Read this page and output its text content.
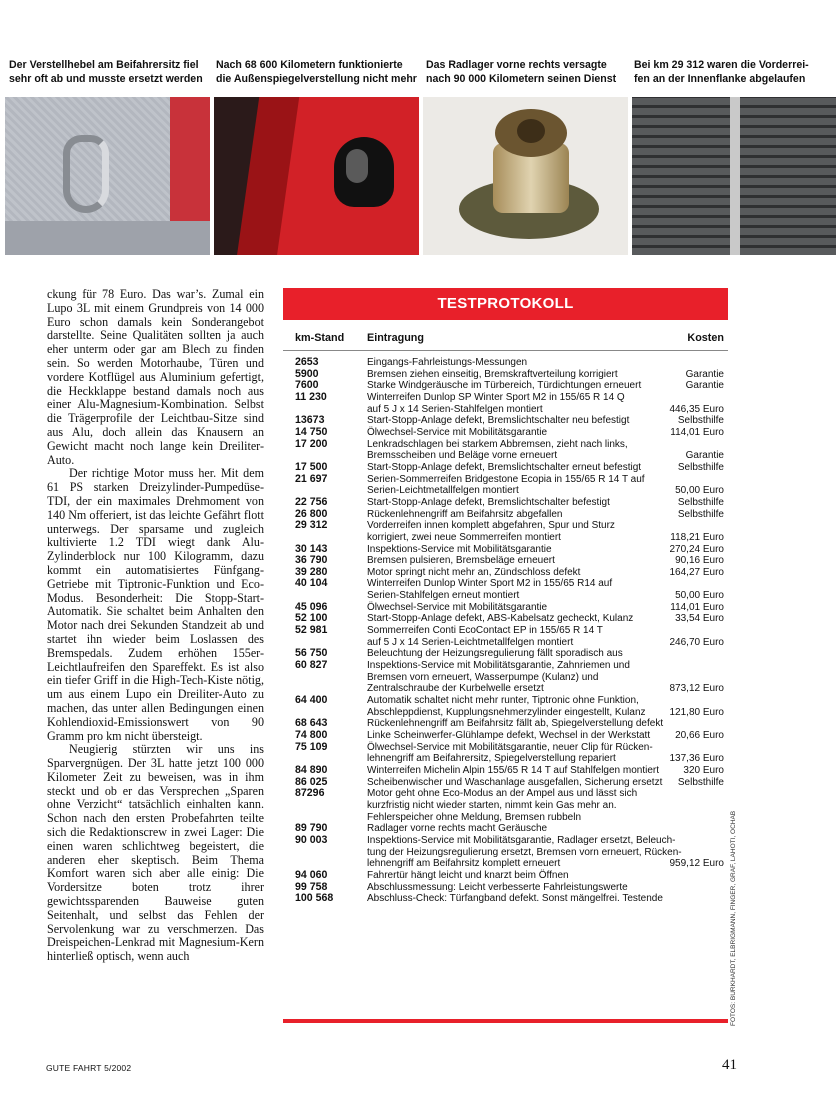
Der Verstellhebel am Beifahrersitz fiel
sehr oft ab und musste ersetzt werden
Nach 68 600 Kilometern funktionierte
die Außenspiegelverstellung nicht mehr
Das Radlager vorne rechts versagte
nach 90 000 Kilometern seinen Dienst
Bei km 29 312 waren die Vorderrei-
fen an der Innenflanke abgelaufen

ckung für 78 Euro. Das war’s. Zumal ein Lupo 3L mit einem Grundpreis von 14 000 Euro schon damals kein Sonderangebot darstellte. Seine Qualitäten sollten ja auch eher unterm oder gar am Blech zu finden sein. So werden Motorhaube, Türen und vordere Kotflügel aus Aluminium gefertigt, die Heckklappe bestand damals noch aus einer Alu-Magnesium-Kombination. Selbst die Trägerprofile der Leichtbau-Sitze sind aus Alu, doch allein das Knausern an Gewicht macht noch lange kein Dreiliter-Auto.

Der richtige Motor muss her. Mit dem 61 PS starken Dreizylinder-Pumpedüse-TDI, der ein maximales Drehmoment von 140 Nm offeriert, ist das leichte Gefährt flott unterwegs. Der sparsame und zugleich kultivierte 1.2 TDI wiegt dank Alu-Zylinderblock nur 100 Kilogramm, dazu kommt ein automatisiertes Fünfgang-Getriebe mit Tiptronic-Funktion und Eco-Modus. Besonderheit: Die Stopp-Start-Automatik. Sie schaltet beim Anhalten den Motor nach drei Sekunden Standzeit ab und startet ihn wieder beim Loslassen des Bremspedals. Zudem erhöhen 155er-Leichtlaufreifen den Spareffekt. Es ist also ein tiefer Griff in die High-Tech-Kiste nötig, um aus einem Lupo ein Dreiliter-Auto zu machen, das unter allen Bedingungen einen Kohlendioxid-Emissionswert von 90 Gramm pro km nicht übersteigt.

Neugierig stürzten wir uns ins Sparvergnügen. Der 3L hatte jetzt 100 000 Kilometer Zeit zu beweisen, was in ihm steckt und ob er das Versprechen „Sparen ohne Verzicht“ tatsächlich einhalten kann. Schon nach den ersten Probefahrten teilte sich die Redaktionscrew in zwei Lager: Die einen waren schlichtweg begeistert, die anderen eher skeptisch. Beim Thema Komfort waren sich aber alle einig: Die Vordersitze boten trotz ihrer gewichtssparenden Bauweise guten Seitenhalt, und selbst das Fehlen der Servolenkung war zu verschmerzen. Das Dreispeichen-Lenkrad mit Magnesium-Kern hinterließ optisch, wenn auch

TESTPROTOKOLL
km-Stand Eintragung	Kosten
2653	Eingangs-Fahrleistungs-Messungen
5900	Bremsen ziehen einseitig, Bremskraftverteilung korrigiert	Garantie
7600	Starke Windgeräusche im Türbereich, Türdichtungen erneuert	Garantie
11 230	Winterreifen Dunlop SP Winter Sport M2 in 155/65 R 14 Q
auf 5 J x 14 Serien-Stahlfelgen montiert	446,35 Euro
13673	Start-Stopp-Anlage defekt, Bremslichtschalter neu befestigt	Selbsthilfe
14 750	Ölwechsel-Service mit Mobilitätsgarantie	114,01 Euro
17 200	Lenkradschlagen bei starkem Abbremsen, zieht nach links,
Bremsscheiben und Beläge vorne erneuert	Garantie
17 500	Start-Stopp-Anlage defekt, Bremslichtschalter erneut befestigt	Selbsthilfe
21 697	Serien-Sommerreifen Bridgestone Ecopia in 155/65 R 14 T auf
Serien-Leichtmetallfelgen montiert	50,00 Euro
22 756	Start-Stopp-Anlage defekt, Bremslichtschalter befestigt	Selbsthilfe
26 800	Rückenlehnengriff am Beifahrsitz abgefallen	Selbsthilfe
29 312	Vorderreifen innen komplett abgefahren, Spur und Sturz
korrigiert, zwei neue Sommerreifen montiert	118,21 Euro
30 143	Inspektions-Service mit Mobilitätsgarantie	270,24 Euro
36 790	Bremsen pulsieren, Bremsbeläge erneuert	90,16 Euro
39 280	Motor springt nicht mehr an, Zündschloss defekt	164,27 Euro
40 104	Winterreifen Dunlop Winter Sport M2 in 155/65 R14 auf
Serien-Stahlfelgen erneut montiert	50,00 Euro
45 096	Ölwechsel-Service mit Mobilitätsgarantie	114,01 Euro
52 100	Start-Stopp-Anlage defekt, ABS-Kabelsatz gecheckt, Kulanz	33,54 Euro
52 981	Sommerreifen Conti EcoContact EP in 155/65 R 14 T
auf 5 J x 14 Serien-Leichtmetallfelgen montiert	246,70 Euro
56 750	Beleuchtung der Heizungsregulierung fällt sporadisch aus
60 827	Inspektions-Service mit Mobilitätsgarantie, Zahnriemen und
Bremsen vorn erneuert, Wasserpumpe (Kulanz) und
Zentralschraube der Kurbelwelle ersetzt	873,12 Euro
64 400	Automatik schaltet nicht mehr runter, Tiptronic ohne Funktion,
Abschleppdienst, Kupplungsnehmerzylinder eingestellt, Kulanz	121,80 Euro
68 643	Rückenlehnengriff am Beifahrsitz fällt ab, Spiegelverstellung defekt
74 800	Linke Scheinwerfer-Glühlampe defekt, Wechsel in der Werkstatt	20,66 Euro
75 109	Ölwechsel-Service mit Mobilitätsgarantie, neuer Clip für Rücken-
lehnengriff am Beifahrersitz, Spiegelverstellung repariert	137,36 Euro
84 890	Winterreifen Michelin Alpin 155/65 R 14 T auf Stahlfelgen montiert	320 Euro
86 025	Scheibenwischer und Waschanlage ausgefallen, Sicherung ersetzt	Selbsthilfe
87296	Motor geht ohne Eco-Modus an der Ampel aus und lässt sich
kurzfristig nicht wieder starten, nimmt kein Gas mehr an.
Fehlerspeicher ohne Meldung, Bremsen rubbeln
89 790	Radlager vorne rechts macht Geräusche
90 003	Inspektions-Service mit Mobilitätsgarantie, Radlager ersetzt, Beleuch-
tung der Heizungsregulierung ersetzt, Bremsen vorn erneuert, Rücken-
lehnengriff am Beifahrsitz komplett erneuert	959,12 Euro
94 060	Fahrertür hängt leicht und knarzt beim Öffnen
99 758	Abschlussmessung: Leicht verbesserte Fahrleistungswerte
100 568	Abschluss-Check: Türfangband defekt. Sonst mängelfrei. Testende	FOTOS: BURKHARDT, ELBRIGMANN, FINGER, GRAF, LAHOTI, OCHAB
GUTE FAHRT 5/2002	41
